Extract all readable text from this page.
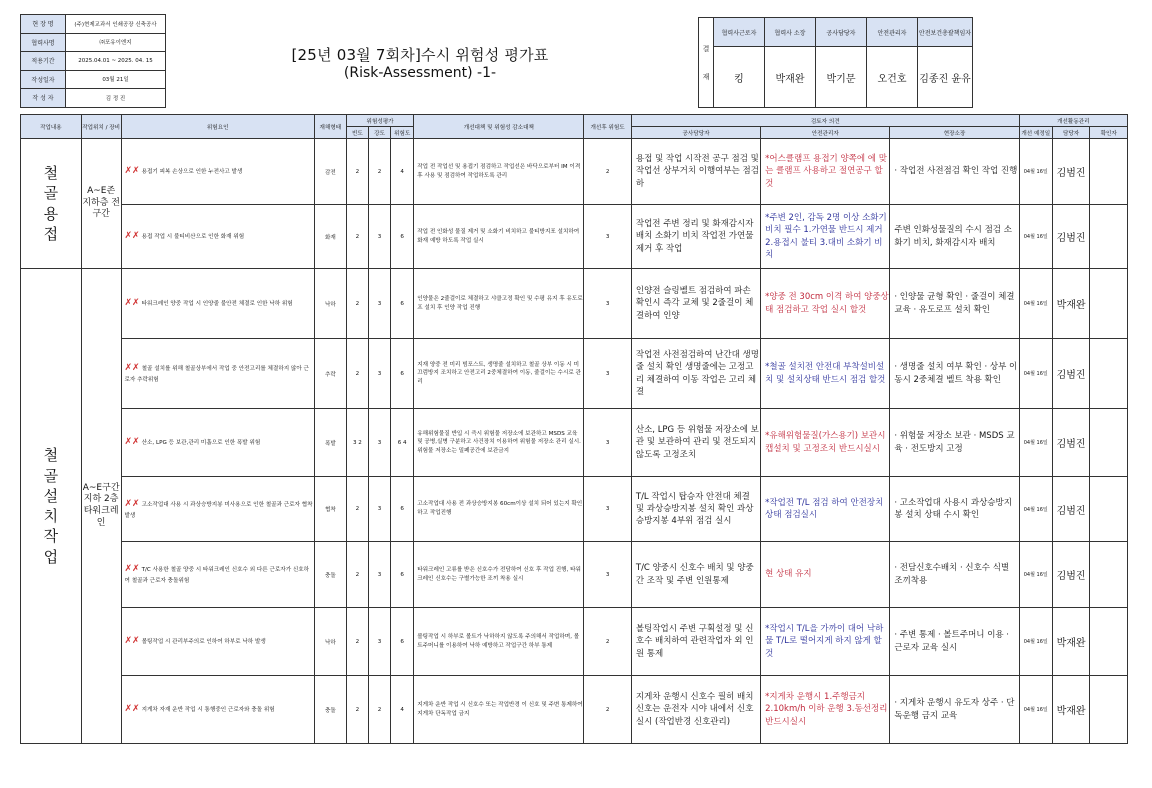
현 장 명	(주)현제교과서 인쇄공장 신축공사
협력사명	㈜포유이엔지
적용기간	2025.04.01 ~ 2025. 04. 15
작성일자	03월 21일
작 성 자	김 정 진
[25년 03월 7회차]수시 위험성 평가표
(Risk-Assessment) -1-
결
재	협력사근로자	협력사 소장	공사담당자	안전관리자	안전보건총괄책임자
	킹	박재완	박기문	오건호	김종진 윤유
작업내용	작업위치 / 장비	위험요인	재해형태	위험성평가			개선대책 및 위험성 감소대책	개선후 위험도	검토자 의견			개선활동관리		
				빈도	강도	위험도			공사담당자	안전관리자	현장소장	개선 예정일	담당자	확인자

철 골 용 접	A~E존 지하층 전구간	✗✗ 용접기 피복 손상으로 인한 누전사고 발생	감전	2	2	4	작업 전 작업선 및 용접기 점검하고 작업선은 바닥으로부터 IM 이격 후 사용 및 점검하여 작업하도록 관리	2	용접 및 작업 시작전 공구 점검 및 작업선 상부거치 이행여부는 점검하	*어스클램프 용접기 양쪽에 에 맞는 클램프 사용하고 절연공구 할것	· 작업전 사전점검 확인 작업 진행	04월 16일	김범진	
		✗✗ 용접 작업 시 불티비산으로 인한 화재 위험	화재	2	3	6	작업 전 인화성 물질 제거 및 소화기 비치하고 불티방지포 설치하여 화재 예방 하도록 작업 실시	3	작업전 주변 정리 및 화재감시자 배치 소화기 비치 작업전 가연물 제거 후 작업	*주변 2인, 감독 2명 이상 소화기 비치 필수 1.가연물 반드시 제거 2.용접시 불티 3.대비 소화기 비치	주변 인화성물질의 수시 점검 소화기 비치, 화재감시자 배치	04월 16일	김범진	
철 골 설 치 작 업	A~E구간 지하 2층 타워크레인	✗✗ 타워크레인 양중 작업 시 인양줄 불안전 체결로 인한 낙하 위험	낙하	2	3	6	인양물은 2줄걸이로 체결하고 샤클고정 확인 및 수평 유지 후 유도로프 설치 후 인양 작업 진행	3	인양전 슬링벨트 점검하여 파손 확인시 즉각 교체 및 2줄걸이 체결하여 인양	*양중 전 30cm 이격 하여 양중상태 점검하고 작업 실시 할것	· 인양물 균형 확인 · 줄걸이 체결 교육 · 유도로프 설치 확인	04월 16일	박재완	
		✗✗ 철골 설치를 위해 철골상부에서 작업 중 안전고리를 체결하지 않아 근로자 추락위험	추락	2	3	6	지재 양중 전 미리 빔포스트, 생명줄 설치하고 철골 상부 이동 시 미끄럼방지 조치하고 안전고리 2중체결하여 이동, 줄걸이는 수시로 관리	3	작업전 사전점검하여 난간대 생명줄 설치 확인 생명줄에는 고정고리 체결하여 이동 작업은 고리 체결	*철골 설치전 안전대 부착설비설치 및 설치상태 반드시 점검 할것	· 생명줄 설치 여부 확인 · 상부 이동시 2중체결 벨트 착용 확인	04월 16일	김범진	
		✗✗ 산소, LPG 등 보관,관리 미흡으로 인한 폭발 위험	폭발	3 2	3	6 4	유해위험물질 반입 시 즉시 위험물 저장소에 보관하고 MSDS 교육 및 공병,실병 구분하고 사건장치 이용하여 위험물 저장소 관리 실시. 위험물 저장소는 밀폐공간에 보관금지	3	산소, LPG 등 위험물 저장소에 보관 및 보관하여 관리 및 전도되지 않도록 고정조치	*유해위험물질(가스용기) 보관시 캡설치 및 고정조치 반드시실시	· 위험물 저장소 보관 · MSDS 교육 · 전도방지 고정	04월 16일	김범진	
		✗✗ 고소작업대 사용 시 과상승방지봉 미사용으로 인한 철골과 근로자 협착 발생	협착	2	3	6	고소작업대 사용 전 과상승방지봉 60cm이상 설치 되어 있는지 확인하고 작업진행	3	T/L 작업시 탑승자 안전대 체결 및 과상승방지봉 설치 확인 과상승방지봉 4부위 점검 실시	*작업전 T/L 점검 하여 안전장치상태 점검실시	· 고소작업대 사용시 과상승방지봉 설치 상태 수시 확인	04월 16일	김범진	
		✗✗ T/C 사용한 철골 양중 시 타워크레인 신호수 외 다른 근로자가 신호하여 철골과 근로자 충돌위험	충돌	2	3	6	타워크레인 고류를 받은 신호수가 전담하여 신호 후 작업 진행, 타워크레인 신호수는 구별가능한 조끼 착용 실시	3	T/C 양중시 신호수 배치 및 양중간 조작 및 주변 인원통제	현 상태 유지	· 전담신호수배치 · 신호수 식별 조끼착용	04월 16일	김범진	
		✗✗ 볼팅작업 시 관리부주의로 인하여 하부로 낙하 발생	낙하	2	3	6	볼팅작업 시 하부로 볼트가 낙하하지 않도록 주의해서 작업하며, 볼트주머니를 이용하여 낙하 예방하고 작업구간 하부 통제	2	볼팅작업시 주변 구획설정 및 신호수 배치하여 관련작업자 외 인원 통제	*작업시 T/L을 가까이 대어 낙하물 T/L로 떨어지게 하지 않게 할 것	· 주변 통제 · 볼트주머니 이용 · 근로자 교육 실시	04월 16일	박재완	
		✗✗ 지게차 자재 운반 작업 시 통행중인 근로자와 충돌 위험	충돌	2	2	4	지게차 운반 작업 시 신호수 또는 작업반경 이 신호 및 주변 통제하여 지게차 단독작업 금지	2	지게차 운행시 신호수 필히 배치 신호는 운전자 시야 내에서 신호 실시 (작업반경 신호관리)	*지게차 운행시 1.주행금지 2.10km/h 이하 운행 3.동선정리 반드시실시	· 지게차 운행시 유도자 상주 · 단독운행 금지 교육	04월 16일	박재완	
